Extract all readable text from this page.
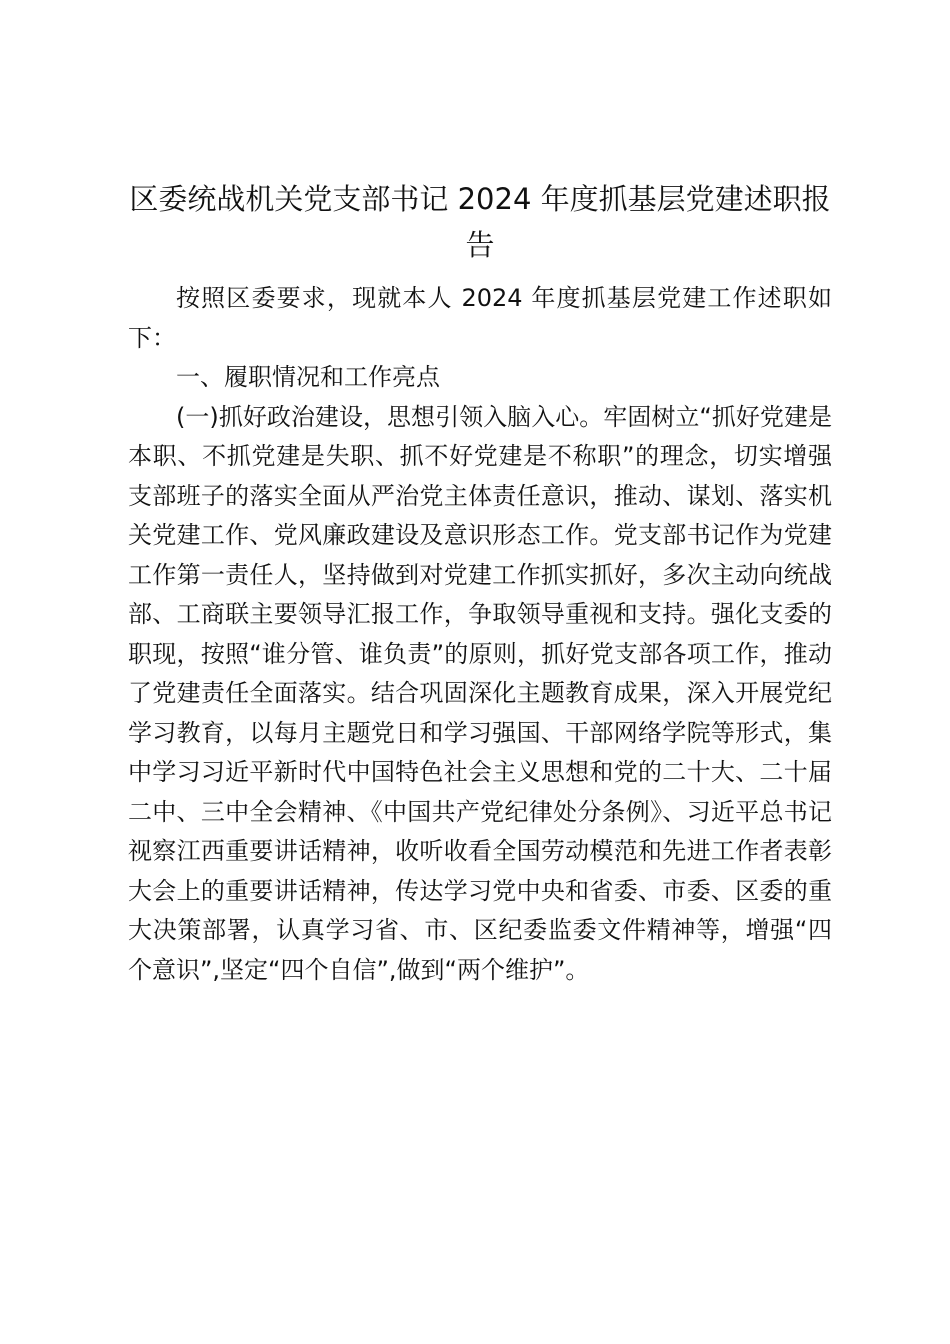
区委统战机关党支部书记 2024 年度抓基层党建述职报告

按照区委要求，现就本人 2024 年度抓基层党建工作述职如下：

一、履职情况和工作亮点

(一)抓好政治建设，思想引领入脑入心。牢固树立“抓好党建是本职、不抓党建是失职、抓不好党建是不称职”的理念，切实增强支部班子的落实全面从严治党主体责任意识，推动、谋划、落实机关党建工作、党风廉政建设及意识形态工作。党支部书记作为党建工作第一责任人，坚持做到对党建工作抓实抓好，多次主动向统战部、工商联主要领导汇报工作，争取领导重视和支持。强化支委的职现，按照“谁分管、谁负责”的原则，抓好党支部各项工作，推动了党建责任全面落实。结合巩固深化主题教育成果，深入开展党纪学习教育，以每月主题党日和学习强国、干部网络学院等形式，集中学习习近平新时代中国特色社会主义思想和党的二十大、二十届二中、三中全会精神、《中国共产党纪律处分条例》、习近平总书记视察江西重要讲话精神，收听收看全国劳动模范和先进工作者表彰大会上的重要讲话精神，传达学习党中央和省委、市委、区委的重大决策部署，认真学习省、市、区纪委监委文件精神等，增强“四个意识”,坚定“四个自信”,做到“两个维护”。
